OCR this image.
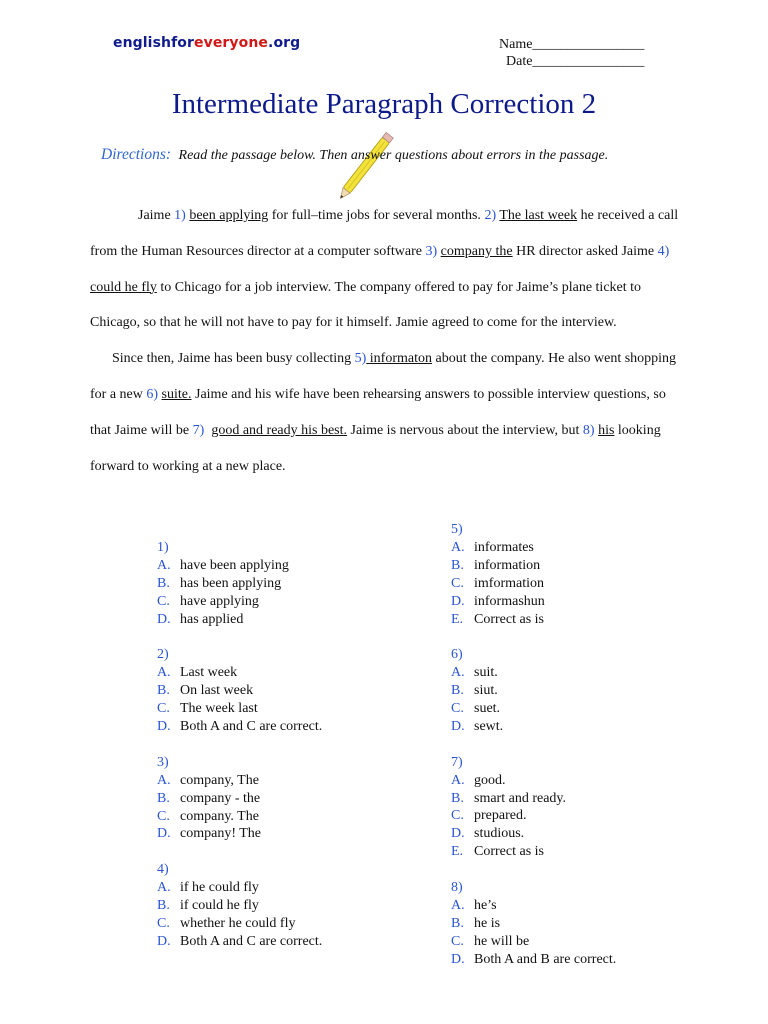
englishforeveryone.org	Name________________
Date________________
Intermediate Paragraph Correction 2
Directions: Read the passage below. Then answer questions about errors in the passage.

Jaime 1) been applying for full–time jobs for several months. 2) The last week he received a call from the Human Resources director at a computer software 3) company the HR director asked Jaime 4) could he fly to Chicago for a job interview. The company offered to pay for Jaime’s plane ticket to Chicago, so that he will not have to pay for it himself. Jamie agreed to come for the interview.

Since then, Jaime has been busy collecting 5) informaton about the company. He also went shopping for a new 6) suite. Jaime and his wife have been rehearsing answers to possible interview questions, so that Jaime will be 7) good and ready his best. Jaime is nervous about the interview, but 8) his looking forward to working at a new place.

1)
A. have been applying
B. has been applying
C. have applying
D. has applied
2)
A. Last week
B. On last week
C. The week last
D. Both A and C are correct.
3)
A. company, The
B. company - the
C. company. The
D. company! The
4)
A. if he could fly
B. if could he fly
C. whether he could fly
D. Both A and C are correct.
5)
A. informates
B. information
C. imformation
D. informashun
E. Correct as is
6)
A. suit.
B. siut.
C. suet.
D. sewt.
7)
A. good.
B. smart and ready.
C. prepared.
D. studious.
E. Correct as is
8)
A. he’s
B. he is
C. he will be
D. Both A and B are correct.
